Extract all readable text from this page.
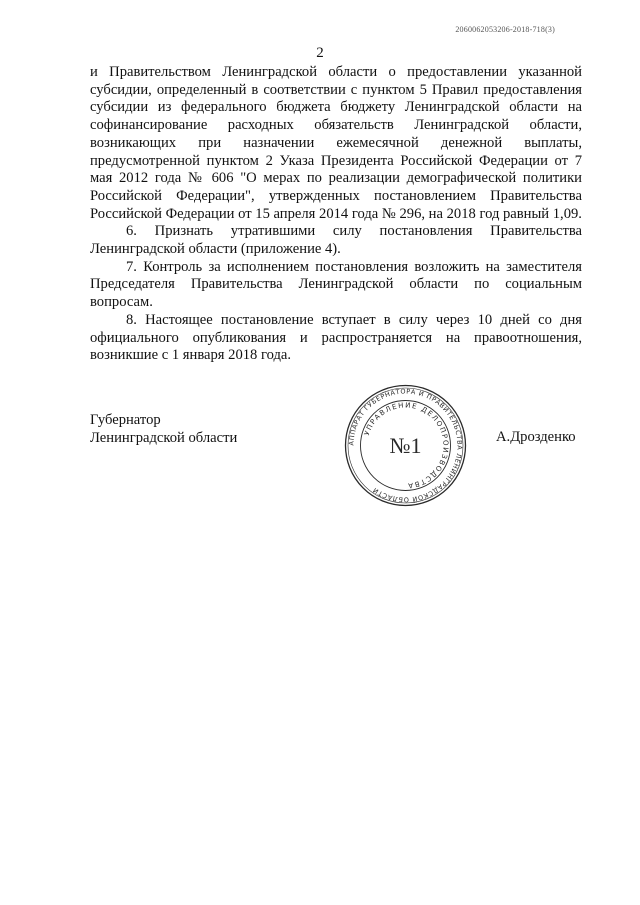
2060062053206-2018-718(3)
2

и Правительством Ленинградской области о предоставлении указанной субсидии, определенный в соответствии с пунктом 5 Правил предоставления субсидии из федерального бюджета бюджету Ленинградской области на софинансирование расходных обязательств Ленинградской области, возникающих при назначении ежемесячной денежной выплаты, предусмотренной пунктом 2 Указа Президента Российской Федерации от 7 мая 2012 года № 606 "О мерах по реализации демографической политики Российской Федерации", утвержденных постановлением Правительства Российской Федерации от 15 апреля 2014 года № 296, на 2018 год равный 1,09.

6. Признать утратившими силу постановления Правительства Ленинградской области (приложение 4).

7. Контроль за исполнением постановления возложить на заместителя Председателя Правительства Ленинградской области по социальным вопросам.

8. Настоящее постановление вступает в силу через 10 дней со дня официального опубликования и распространяется на правоотношения, возникшие с 1 января 2018 года.

Губернатор
Ленинградской области	А.Дрозденко
АППАРАТ ГУБЕРНАТОРА И ПРАВИТЕЛЬСТВА ЛЕНИНГРАДСКОЙ ОБЛАСТИ
УПРАВЛЕНИЕ ДЕЛОПРОИЗВОДСТВА
№1
